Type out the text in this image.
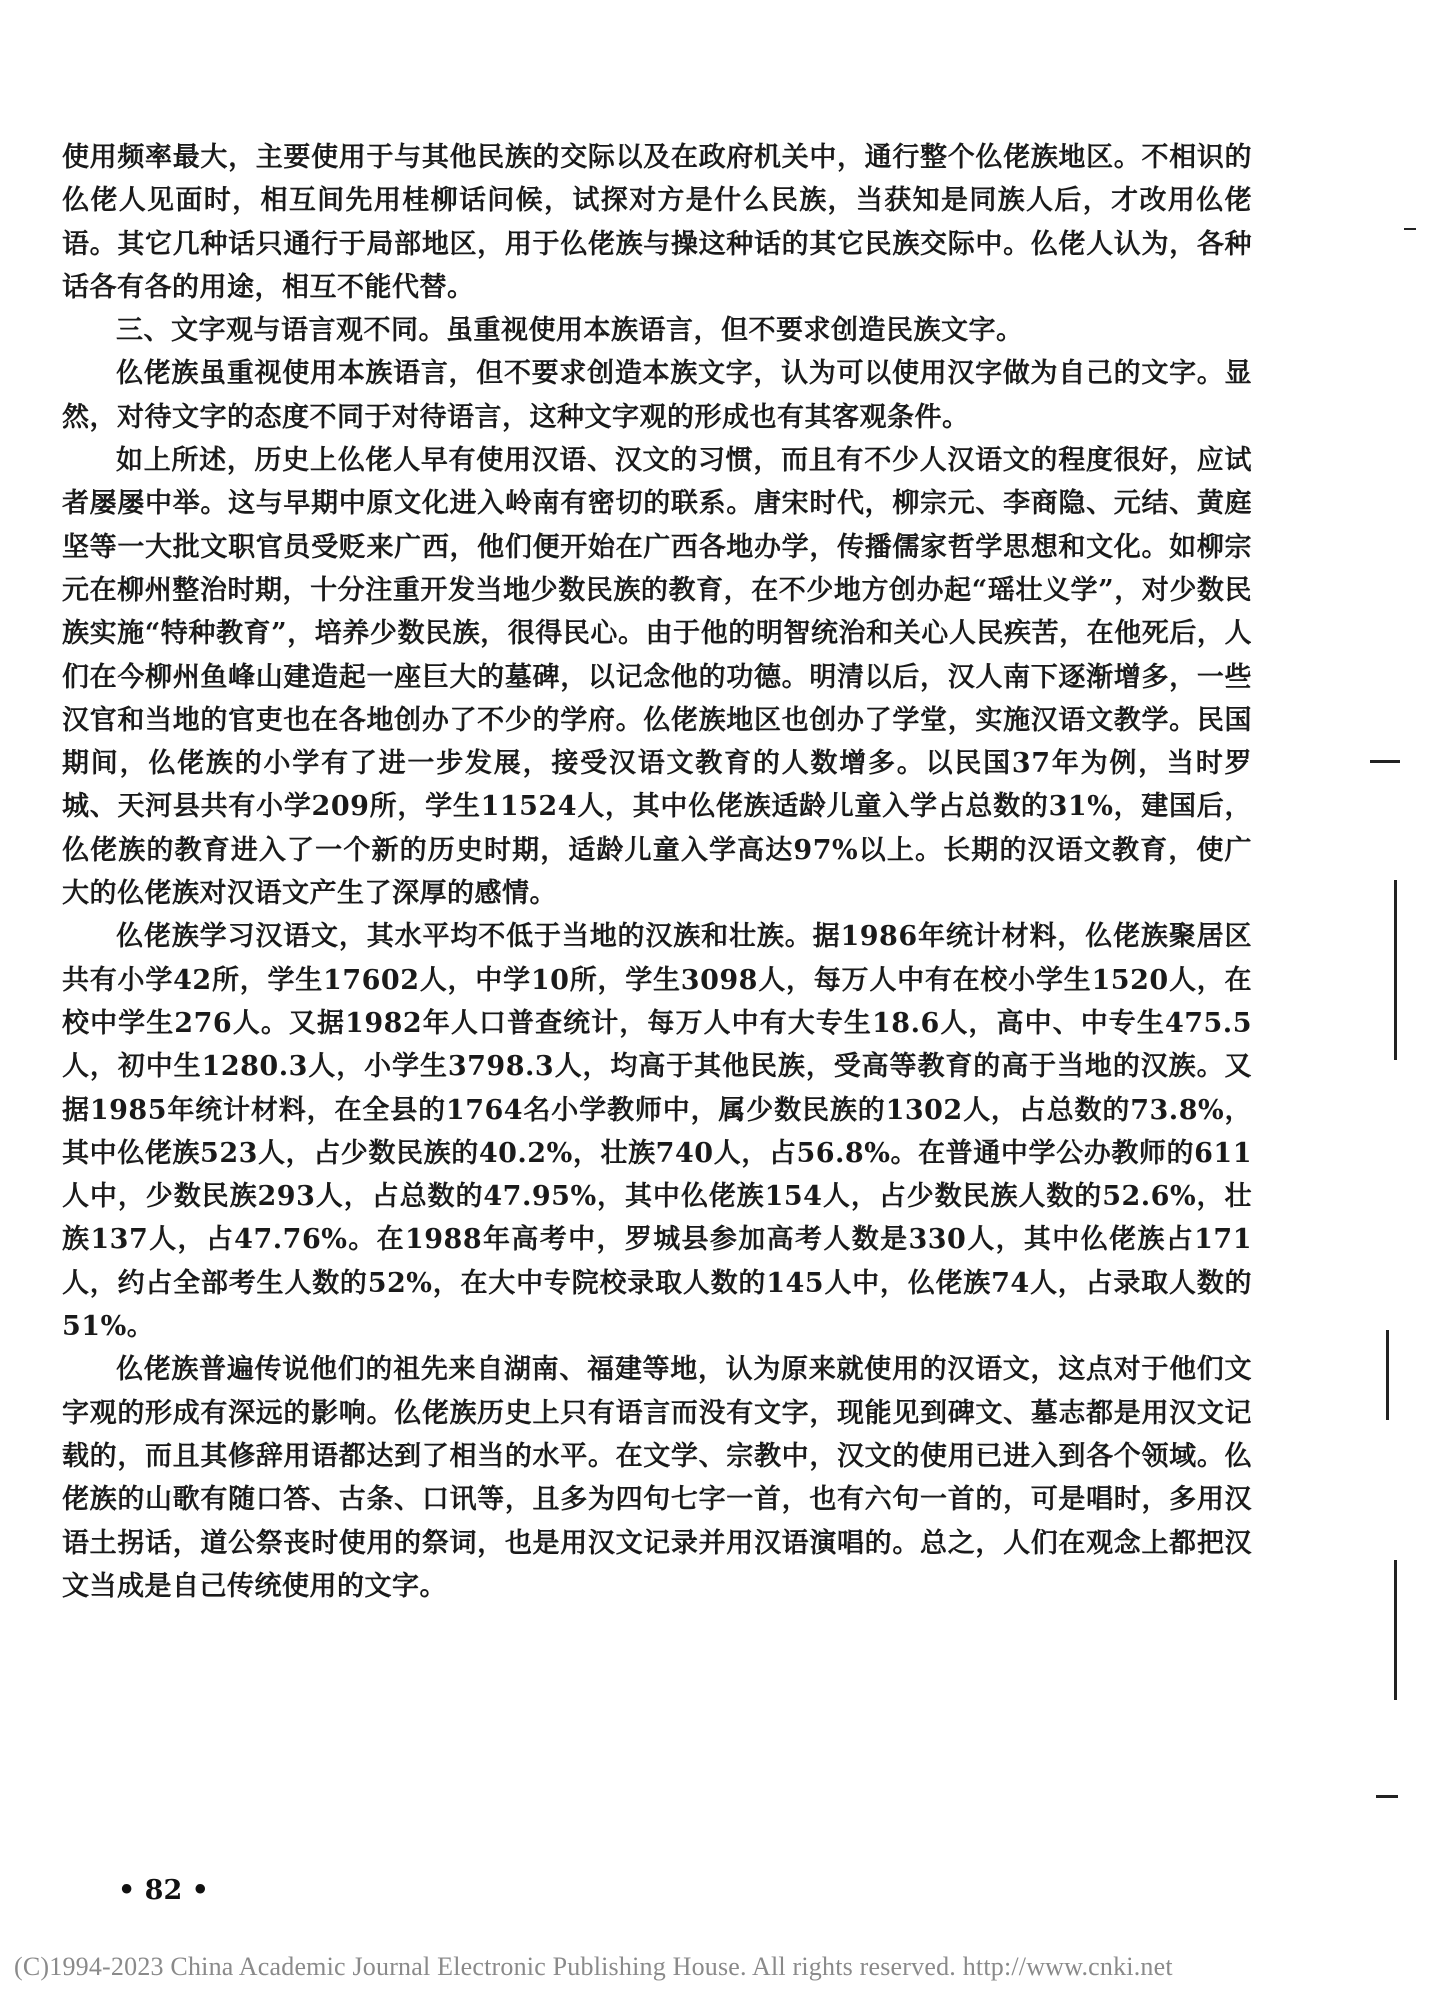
使用频率最大，主要使用于与其他民族的交际以及在政府机关中，通行整个仫佬族地区。不相识的仫佬人见面时，相互间先用桂柳话问候，试探对方是什么民族，当获知是同族人后，才改用仫佬语。其它几种话只通行于局部地区，用于仫佬族与操这种话的其它民族交际中。仫佬人认为，各种话各有各的用途，相互不能代替。

三、文字观与语言观不同。虽重视使用本族语言，但不要求创造民族文字。

仫佬族虽重视使用本族语言，但不要求创造本族文字，认为可以使用汉字做为自己的文字。显然，对待文字的态度不同于对待语言，这种文字观的形成也有其客观条件。

如上所述，历史上仫佬人早有使用汉语、汉文的习惯，而且有不少人汉语文的程度很好，应试者屡屡中举。这与早期中原文化进入岭南有密切的联系。唐宋时代，柳宗元、李商隐、元结、黄庭坚等一大批文职官员受贬来广西，他们便开始在广西各地办学，传播儒家哲学思想和文化。如柳宗元在柳州整治时期，十分注重开发当地少数民族的教育，在不少地方创办起“瑶壮义学”，对少数民族实施“特种教育”，培养少数民族，很得民心。由于他的明智统治和关心人民疾苦，在他死后，人们在今柳州鱼峰山建造起一座巨大的墓碑，以记念他的功德。明清以后，汉人南下逐渐增多，一些汉官和当地的官吏也在各地创办了不少的学府。仫佬族地区也创办了学堂，实施汉语文教学。民国期间，仫佬族的小学有了进一步发展，接受汉语文教育的人数增多。以民国37年为例，当时罗城、天河县共有小学209所，学生11524人，其中仫佬族适龄儿童入学占总数的31%，建国后，仫佬族的教育进入了一个新的历史时期，适龄儿童入学高达97%以上。长期的汉语文教育，使广大的仫佬族对汉语文产生了深厚的感情。

仫佬族学习汉语文，其水平均不低于当地的汉族和壮族。据1986年统计材料，仫佬族聚居区共有小学42所，学生17602人，中学10所，学生3098人，每万人中有在校小学生1520人，在校中学生276人。又据1982年人口普查统计，每万人中有大专生18.6人，高中、中专生475.5人，初中生1280.3人，小学生3798.3人，均高于其他民族，受高等教育的高于当地的汉族。又据1985年统计材料，在全县的1764名小学教师中，属少数民族的1302人，占总数的73.8%，其中仫佬族523人，占少数民族的40.2%，壮族740人，占56.8%。在普通中学公办教师的611人中，少数民族293人，占总数的47.95%，其中仫佬族154人，占少数民族人数的52.6%，壮族137人，占47.76%。在1988年高考中，罗城县参加高考人数是330人，其中仫佬族占171人，约占全部考生人数的52%，在大中专院校录取人数的145人中，仫佬族74人，占录取人数的51%。

仫佬族普遍传说他们的祖先来自湖南、福建等地，认为原来就使用的汉语文，这点对于他们文字观的形成有深远的影响。仫佬族历史上只有语言而没有文字，现能见到碑文、墓志都是用汉文记载的，而且其修辞用语都达到了相当的水平。在文学、宗教中，汉文的使用已进入到各个领域。仫佬族的山歌有随口答、古条、口讯等，且多为四句七字一首，也有六句一首的，可是唱时，多用汉语土拐话，道公祭丧时使用的祭词，也是用汉文记录并用汉语演唱的。总之，人们在观念上都把汉文当成是自己传统使用的文字。

• 82 •
(C)1994-2023 China Academic Journal Electronic Publishing House. All rights reserved. http://www.cnki.net
